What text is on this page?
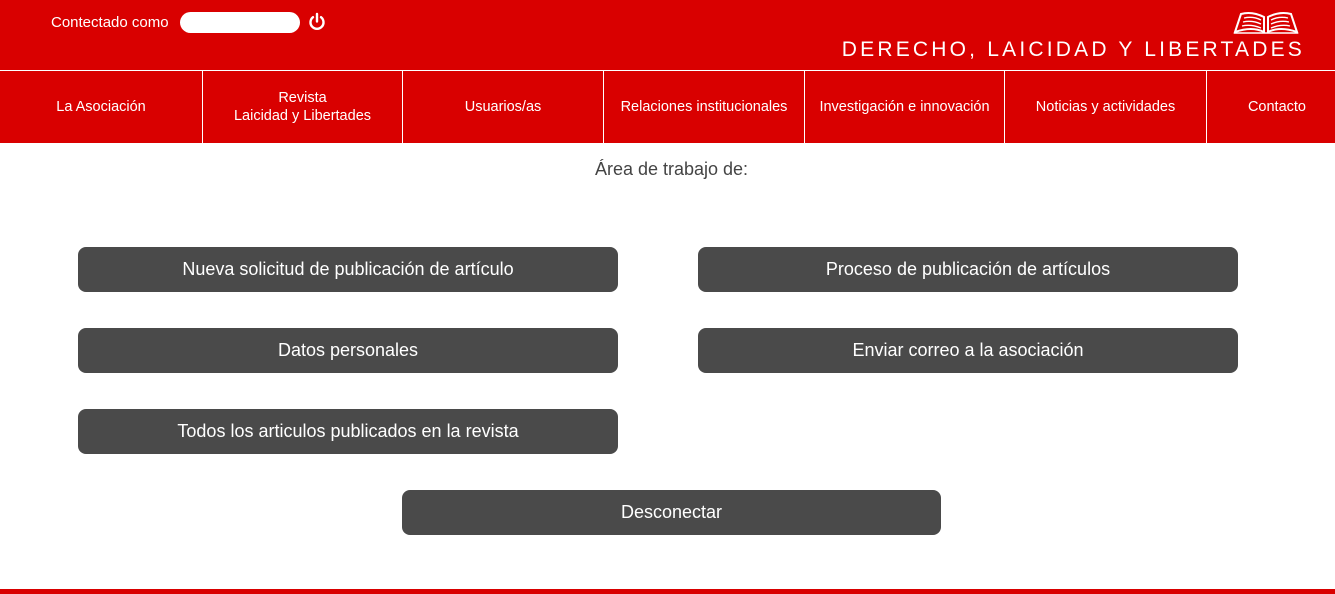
Contectado como
DERECHO, LAICIDAD Y LIBERTADES
La Asociación
Revista
Laicidad y Libertades
Usuarios/as	Relaciones institucionales Investigación e innovación	Noticias y actividades	Contacto
Área de trabajo de:
Nueva solicitud de publicación de artículo	Proceso de publicación de artículos
Datos personales	Enviar correo a la asociación
Todos los articulos publicados en la revista
Desconectar
